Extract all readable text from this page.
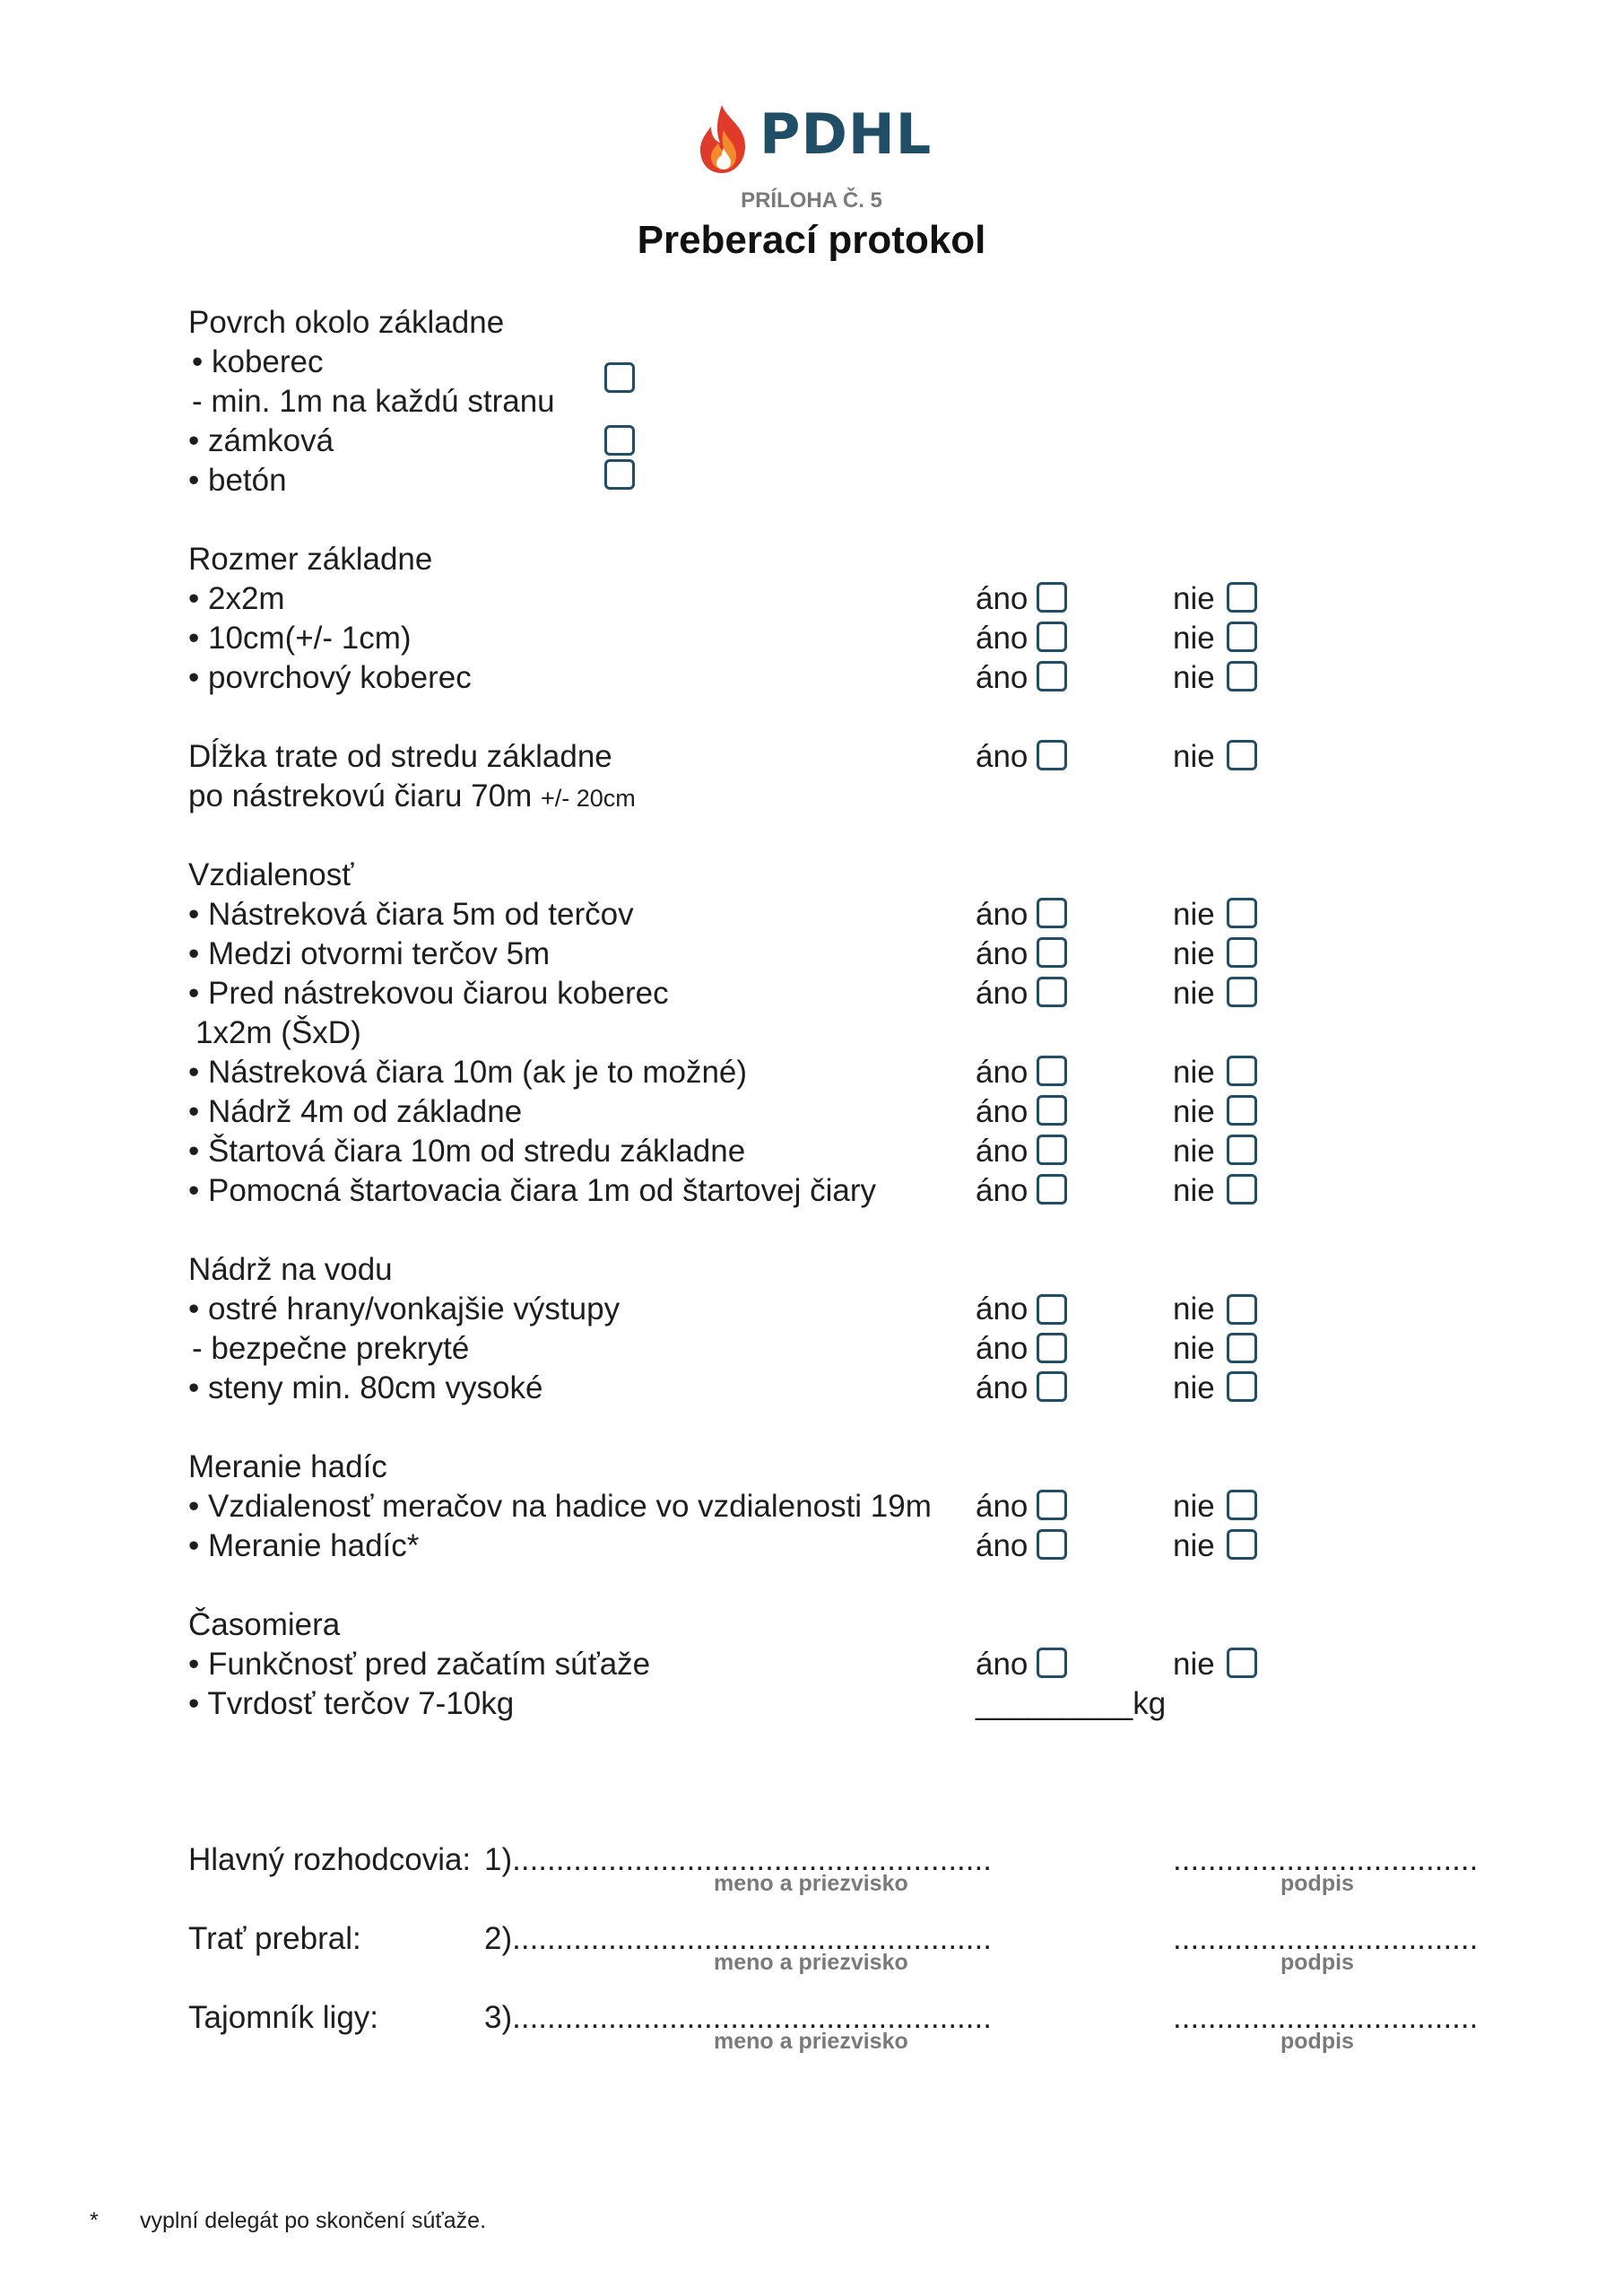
PDHL
PRÍLOHA Č. 5
Preberací protokol
Povrch okolo základne
• koberec
- min. 1m na každú stranu
• zámková
• betón
Rozmer základne
• 2x2m	áno	nie
• 10cm(+/- 1cm)	áno	nie
• povrchový koberec	áno	nie
Dĺžka trate od stredu základne	áno	nie
po nástrekovú čiaru 70m +/- 20cm
Vzdialenosť
• Nástreková čiara 5m od terčov	áno	nie
• Medzi otvormi terčov 5m	áno	nie
• Pred nástrekovou čiarou koberec	áno	nie
1x2m (ŠxD)
• Nástreková čiara 10m (ak je to možné)	áno	nie
• Nádrž 4m od základne	áno	nie
• Štartová čiara 10m od stredu základne	áno	nie
• Pomocná štartovacia čiara 1m od štartovej čiary	áno	nie
Nádrž na vodu
• ostré hrany/vonkajšie výstupy	áno	nie
- bezpečne prekryté	áno	nie
• steny min. 80cm vysoké	áno	nie
Meranie hadíc
• Vzdialenosť meračov na hadice vo vzdialenosti 19m áno	nie
• Meranie hadíc*	áno	nie
Časomiera
• Funkčnosť pred začatím súťaže	áno	nie
• Tvrdosť terčov 7-10kg	_________kg
Hlavný rozhodcovia: 1).......................................................
meno a priezvisko
...................................
podpis
Trať prebral:	2).......................................................
meno a priezvisko
...................................
podpis
Tajomník ligy:	3).......................................................
meno a priezvisko
...................................
podpis
* vyplní delegát po skončení súťaže.
